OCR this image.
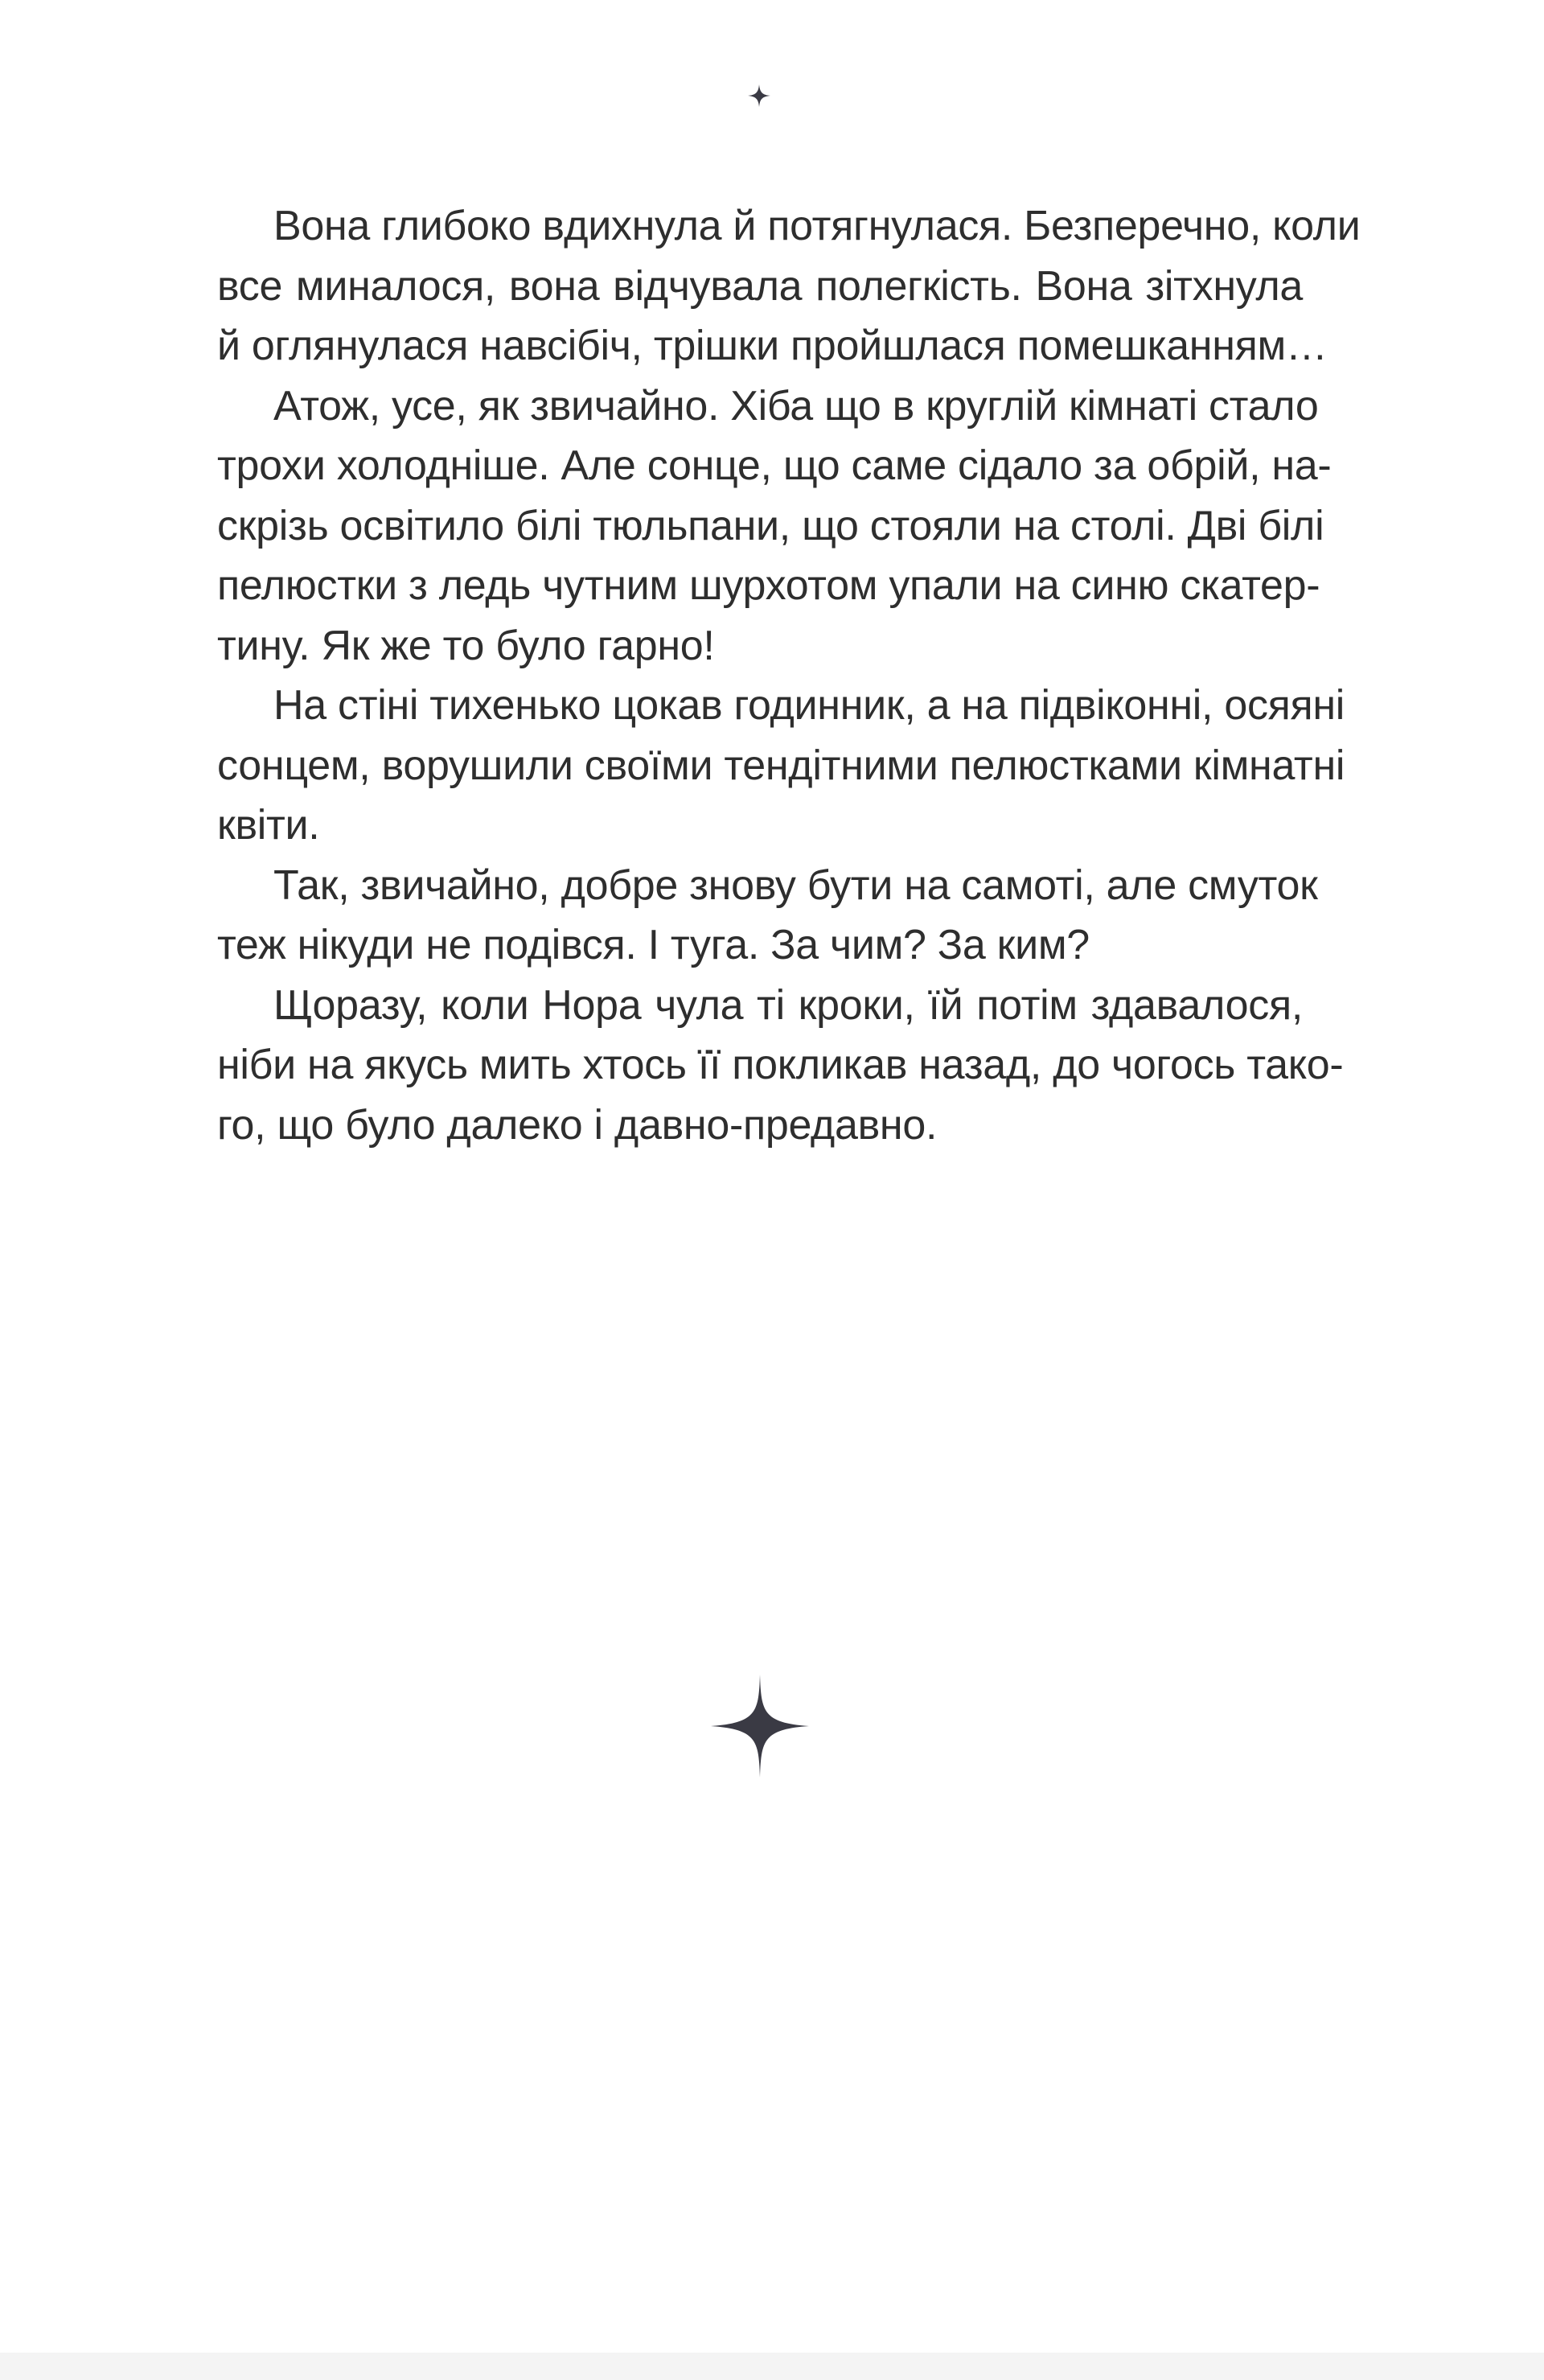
Вона глибоко вдихнула й потягнулася. Безперечно, коли
все миналося, вона відчувала полегкість. Вона зітхнула
й оглянулася навсібіч, трішки пройшлася помешканням…
Атож, усе, як звичайно. Хіба що в круглій кімнаті стало
трохи холодніше. Але сонце, що саме сідало за обрій, на-
скрізь освітило білі тюльпани, що стояли на столі. Дві білі
пелюстки з ледь чутним шурхотом упали на синю скатер-
тину. Як же то було гарно!
На стіні тихенько цокав годинник, а на підвіконні, осяяні
сонцем, ворушили своїми тендітними пелюстками кімнатні
квіти.
Так, звичайно, добре знову бути на самоті, але смуток
теж нікуди не подівся. І туга. За чим? За ким?
Щоразу, коли Нора чула ті кроки, їй потім здавалося,
ніби на якусь мить хтось її покликав назад, до чогось тако-
го, що було далеко і давно-предавно.
